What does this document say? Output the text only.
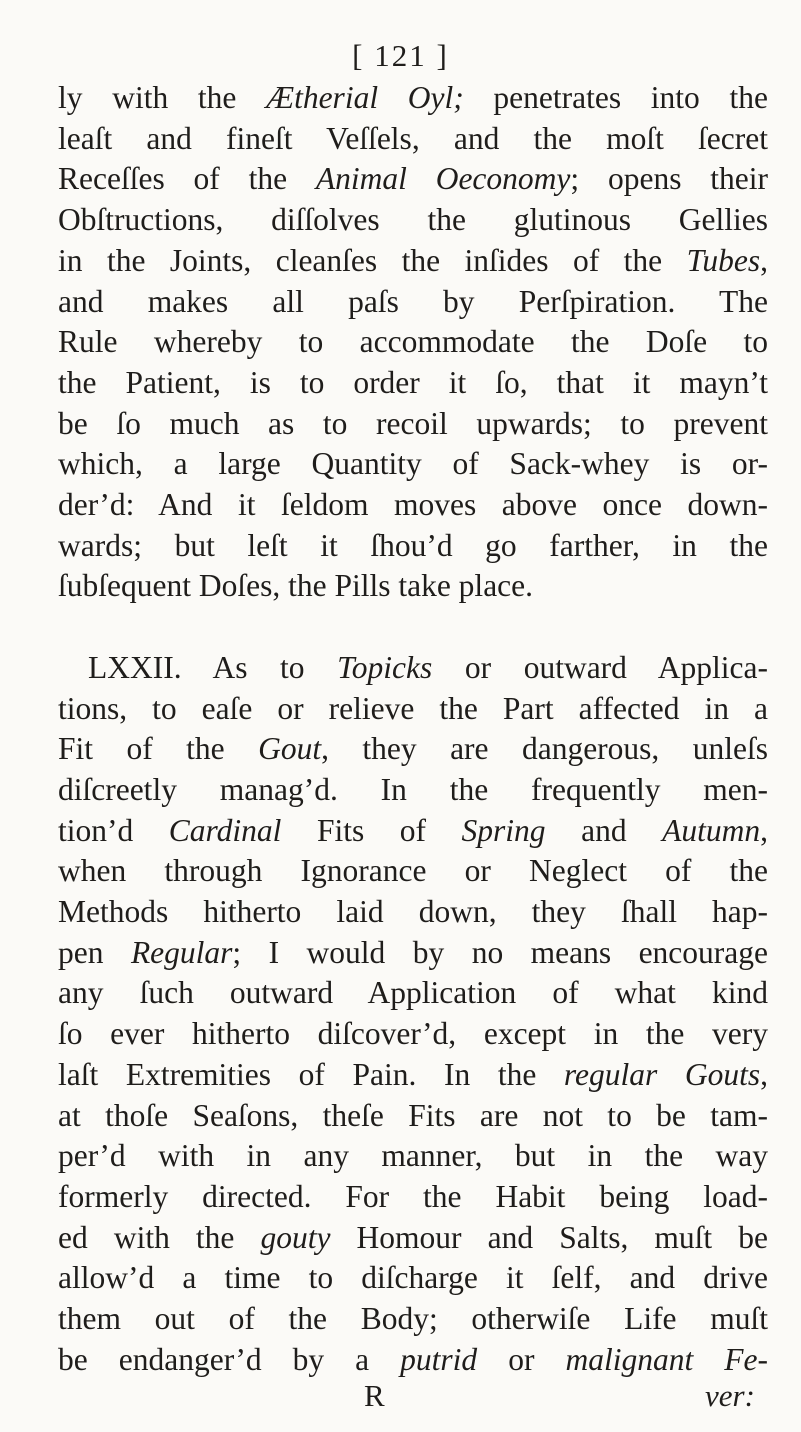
[ 121 ]
ly with the Ætherial Oyl; penetrates into the
leaſt and fineſt Veſſels, and the moſt ſecret
Receſſes of the Animal Oeconomy; opens their
Obſtructions, diſſolves the glutinous Gellies
in the Joints, cleanſes the inſides of the Tubes,
and makes all paſs by Perſpiration. The
Rule whereby to accommodate the Doſe to
the Patient, is to order it ſo, that it mayn’t
be ſo much as to recoil upwards; to prevent
which, a large Quantity of Sack-whey is or-
der’d: And it ſeldom moves above once down-
wards; but leſt it ſhou’d go farther, in the
ſubſequent Doſes, the Pills take place.
LXXII. As to Topicks or outward Applica-
tions, to eaſe or relieve the Part affected in a
Fit of the Gout, they are dangerous, unleſs
diſcreetly manag’d. In the frequently men-
tion’d Cardinal Fits of Spring and Autumn,
when through Ignorance or Neglect of the
Methods hitherto laid down, they ſhall hap-
pen Regular; I would by no means encourage
any ſuch outward Application of what kind
ſo ever hitherto diſcover’d, except in the very
laſt Extremities of Pain. In the regular Gouts,
at thoſe Seaſons, theſe Fits are not to be tam-
per’d with in any manner, but in the way
formerly directed. For the Habit being load-
ed with the gouty Homour and Salts, muſt be
allow’d a time to diſcharge it ſelf, and drive
them out of the Body; otherwiſe Life muſt
be endanger’d by a putrid or malignant Fe-
R	ver:
